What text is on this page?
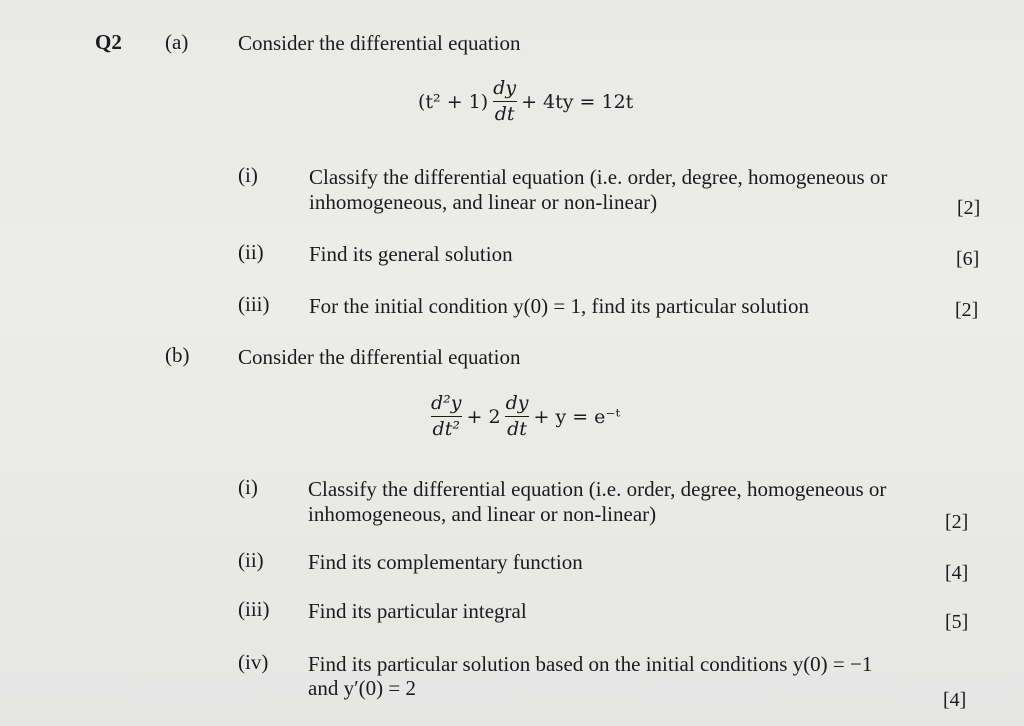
Q2 (a) Consider the differential equation
$(t^2 + 1) \frac{dy}{dt} + 4ty = 12t$
(i) Classify the differential equation (i.e. order, degree, homogeneous or
inhomogeneous, and linear or non-linear)	[2]
(ii) Find its general solution	[6]
(iii) For the initial condition y(0) = 1, find its particular solution	[2]
(b) Consider the differential equation
$\frac{\text{d²y}}{\text{dt²}} + 2 \frac{dy}{dt} + y$ = e⁻ᵗ
(i) Classify the differential equation (i.e. order, degree, homogeneous or
inhomogeneous, and linear or non-linear)	[2]
(ii) Find its complementary function	[4]
(iii) Find its particular integral	[5]
(iv) Find its particular solution based on the initial conditions y(0) = −1
and y′(0) = 2	[4]
